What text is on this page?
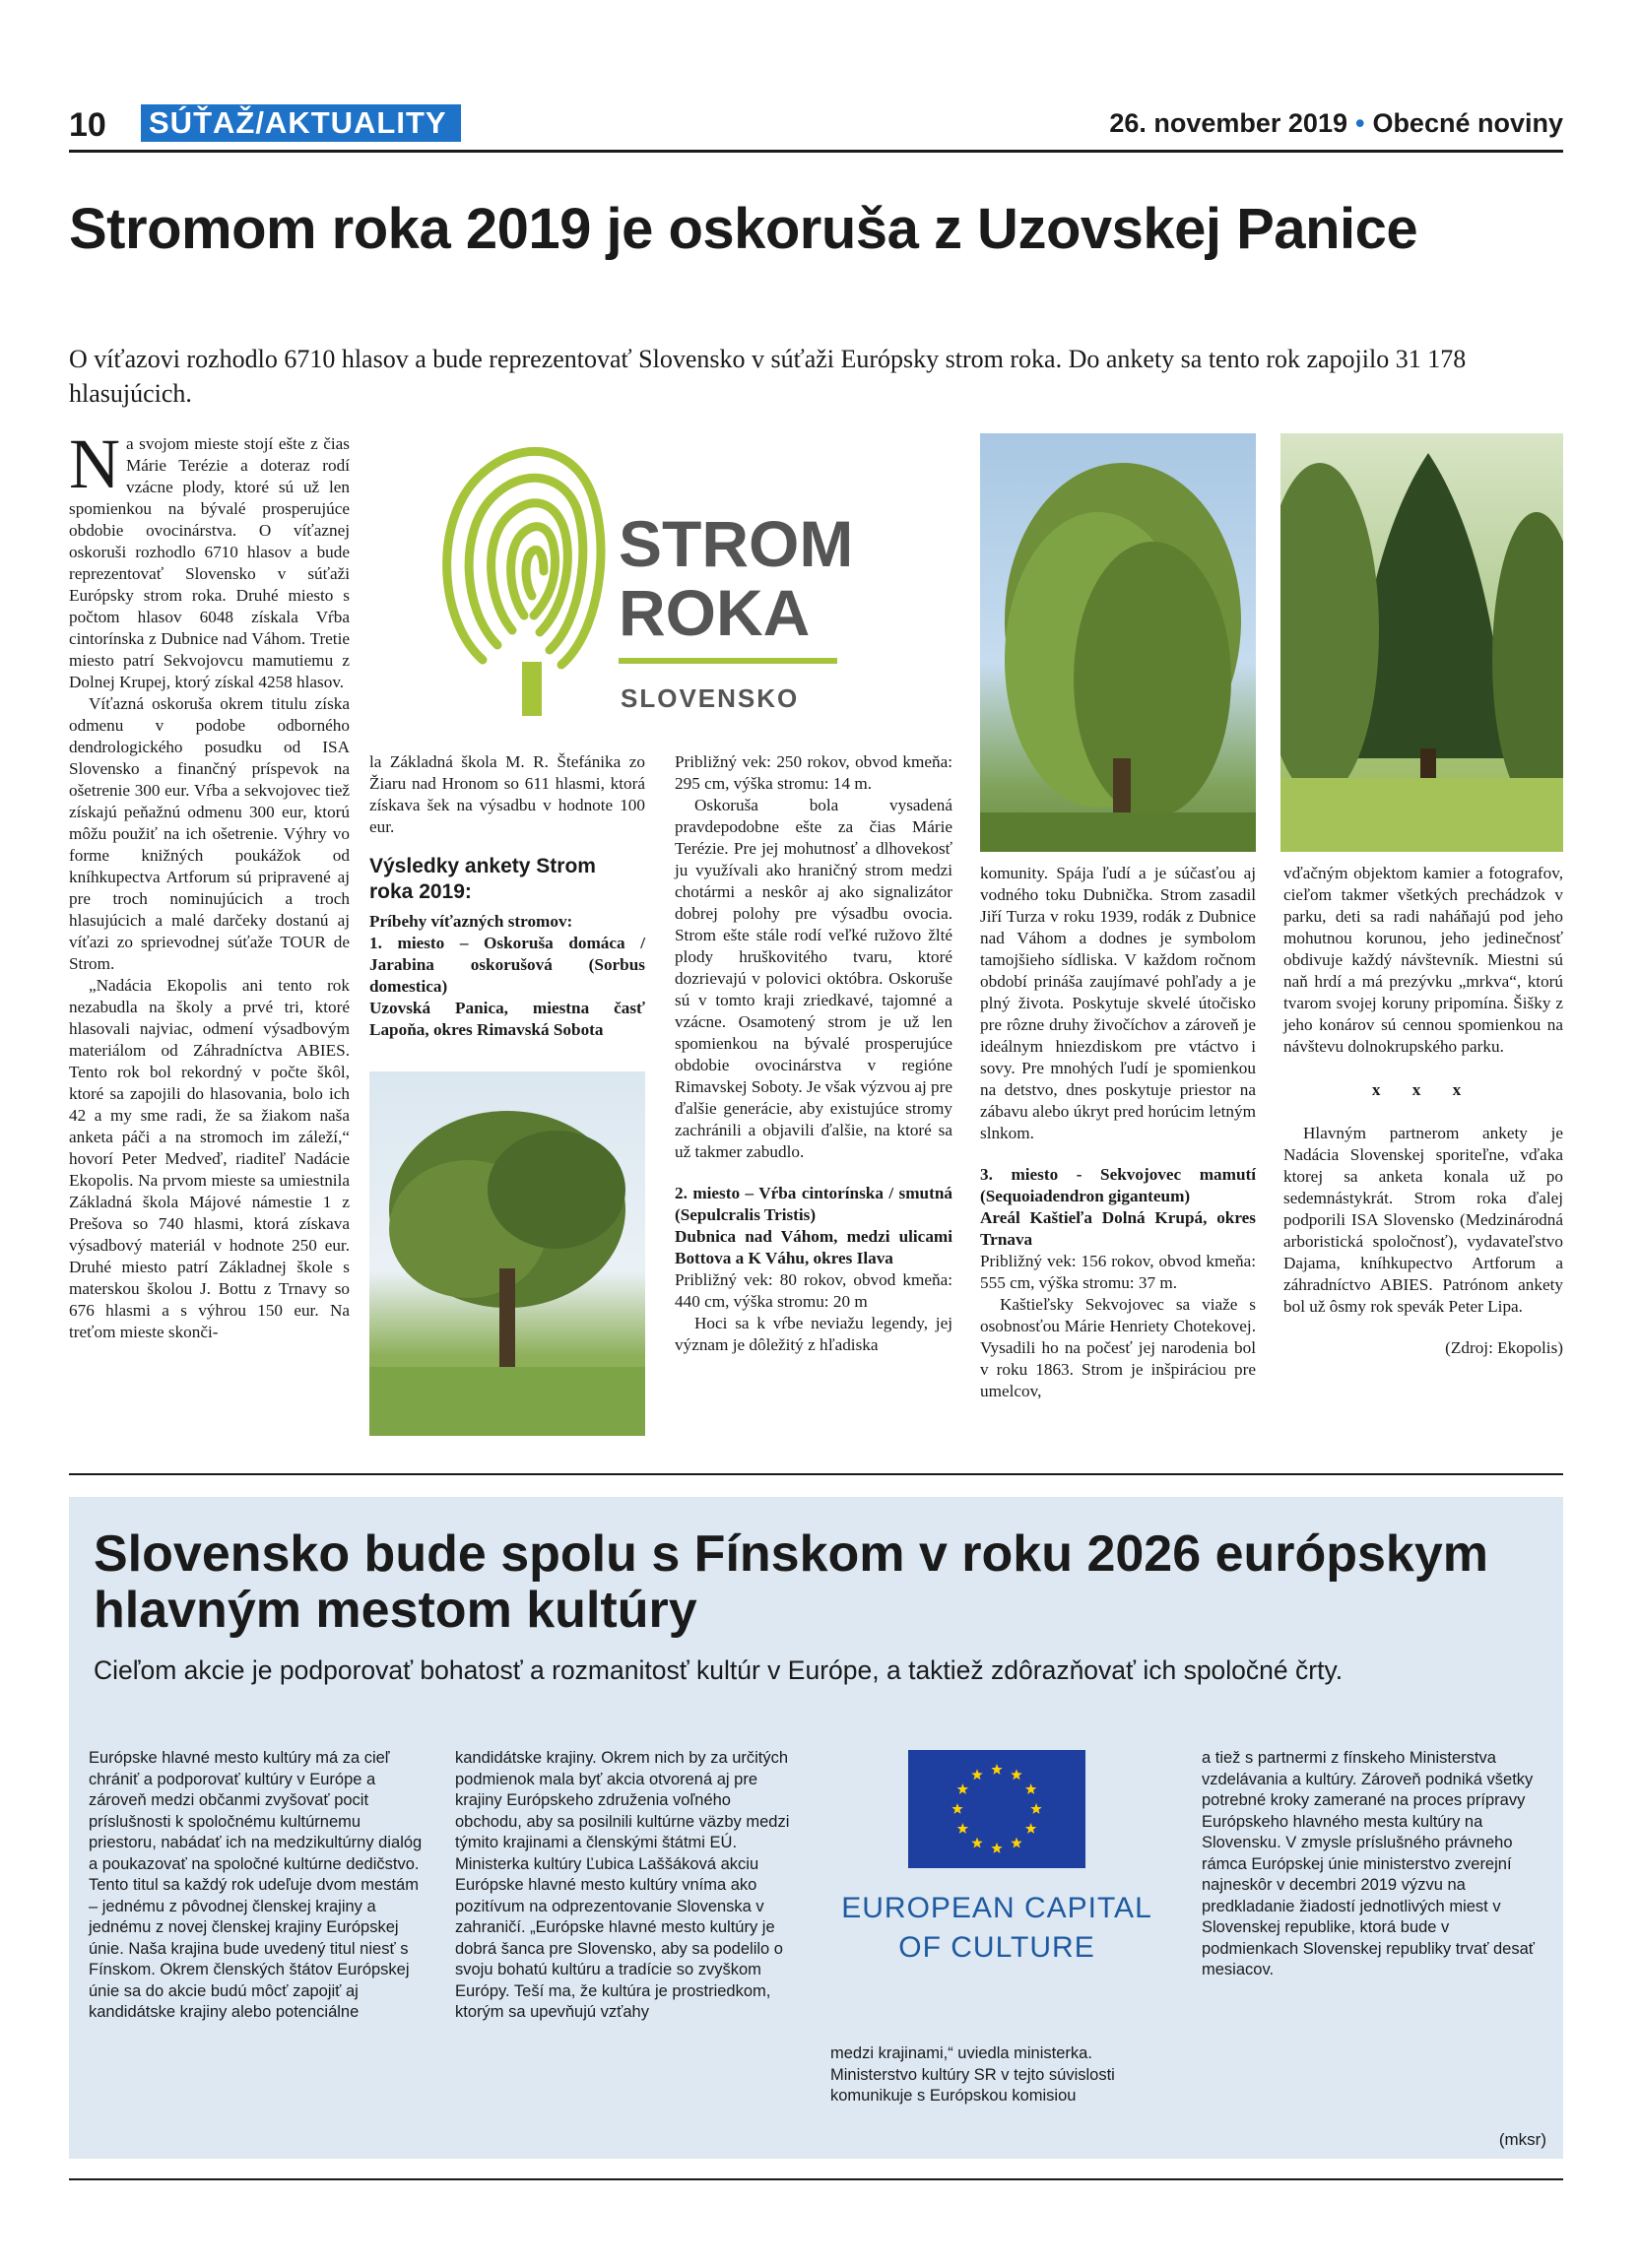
10 SÚŤAŽ/AKTUALITY	26. november 2019 • Obecné noviny
Stromom roka 2019 je oskoruša z Uzovskej Panice

O víťazovi rozhodlo 6710 hlasov a bude reprezentovať Slovensko v súťaži Európsky strom roka. Do ankety sa tento rok zapojilo 31 178 hlasujúcich.

Na svojom mieste stojí ešte z čias Márie Terézie a doteraz rodí vzácne plody, ktoré sú už len spomienkou na bývalé prosperujúce obdobie ovocinárstva. O víťaznej oskoruši rozhodlo 6710 hlasov a bude reprezentovať Slovensko v súťaži Európsky strom roka. Druhé miesto s počtom hlasov 6048 získala Vŕba cintorínska z Dubnice nad Váhom. Tretie miesto patrí Sekvojovcu mamutiemu z Dolnej Krupej, ktorý získal 4258 hlasov.

Víťazná oskoruša okrem titulu získa odmenu v podobe odborného dendrologického posudku od ISA Slovensko a finančný príspevok na ošetrenie 300 eur. Vŕba a sekvojovec tiež získajú peňažnú odmenu 300 eur, ktorú môžu použiť na ich ošetrenie. Výhry vo forme knižných poukážok od kníhkupectva Artforum sú pripravené aj pre troch nominujúcich a troch hlasujúcich a malé darčeky dostanú aj víťazi zo sprievodnej súťaže TOUR de Strom.

„Nadácia Ekopolis ani tento rok nezabudla na školy a prvé tri, ktoré hlasovali najviac, odmení výsadbovým materiálom od Záhradníctva ABIES. Tento rok bol rekordný v počte škôl, ktoré sa zapojili do hlasovania, bolo ich 42 a my sme radi, že sa žiakom naša anketa páči a na stromoch im záleží,“ hovorí Peter Medveď, riaditeľ Nadácie Ekopolis. Na prvom mieste sa umiestnila Základná škola Májové námestie 1 z Prešova so 740 hlasmi, ktorá získava výsadbový materiál v hodnote 250 eur. Druhé miesto patrí Základnej škole s materskou školou J. Bottu z Trnavy so 676 hlasmi a s výhrou 150 eur. Na treťom mieste skonči-

STROM
ROKA
SLOVENSKO

la Základná škola M. R. Štefánika zo Žiaru nad Hronom so 611 hlasmi, ktorá získava šek na výsadbu v hodnote 100 eur.

Výsledky ankety Strom roka 2019:

Príbehy víťazných stromov:

1. miesto – Oskoruša domáca / Jarabina oskorušová (Sorbus domestica)

Uzovská Panica, miestna časť Lapoňa, okres Rimavská Sobota

Približný vek: 250 rokov, obvod kmeňa: 295 cm, výška stromu: 14 m.

Oskoruša bola vysadená pravdepodobne ešte za čias Márie Terézie. Pre jej mohutnosť a dlhovekosť ju využívali ako hraničný strom medzi chotármi a neskôr aj ako signalizátor dobrej polohy pre výsadbu ovocia. Strom ešte stále rodí veľké ružovo žlté plody hruškovitého tvaru, ktoré dozrievajú v polovici októbra. Oskoruše sú v tomto kraji zriedkavé, tajomné a vzácne. Osamotený strom je už len spomienkou na bývalé prosperujúce obdobie ovocinárstva v regióne Rimavskej Soboty. Je však výzvou aj pre ďalšie generácie, aby existujúce stromy zachránili a objavili ďalšie, na ktoré sa už takmer zabudlo.

2. miesto – Vŕba cintorínska / smutná (Sepulcralis Tristis)

Dubnica nad Váhom, medzi ulicami Bottova a K Váhu, okres Ilava

Približný vek: 80 rokov, obvod kmeňa: 440 cm, výška stromu: 20 m

Hoci sa k vŕbe neviažu legendy, jej význam je dôležitý z hľadiska

komunity. Spája ľudí a je súčasťou aj vodného toku Dubnička. Strom zasadil Jiří Turza v roku 1939, rodák z Dubnice nad Váhom a dodnes je symbolom tamojšieho sídliska. V každom ročnom období prináša zaujímavé pohľady a je plný života. Poskytuje skvelé útočisko pre rôzne druhy živočíchov a zároveň je ideálnym hniezdiskom pre vtáctvo i sovy. Pre mnohých ľudí je spomienkou na detstvo, dnes poskytuje priestor na zábavu alebo úkryt pred horúcim letným slnkom.

3. miesto - Sekvojovec mamutí (Sequoiadendron giganteum)

Areál Kaštieľa Dolná Krupá, okres Trnava

Približný vek: 156 rokov, obvod kmeňa: 555 cm, výška stromu: 37 m.

Kaštieľsky Sekvojovec sa viaže s osobnosťou Márie Henriety Chotekovej. Vysadili ho na počesť jej narodenia bol v roku 1863. Strom je inšpiráciou pre umelcov,

vďačným objektom kamier a fotografov, cieľom takmer všetkých prechádzok v parku, deti sa radi naháňajú pod jeho mohutnou korunou, jeho jedinečnosť obdivuje každý návštevník. Miestni sú naň hrdí a má prezývku „mrkva“, ktorú tvarom svojej koruny pripomína. Šišky z jeho konárov sú cennou spomienkou na návštevu dolnokrupského parku.

x x x

Hlavným partnerom ankety je Nadácia Slovenskej sporiteľne, vďaka ktorej sa anketa konala už po sedemnástykrát. Strom roka ďalej podporili ISA Slovensko (Medzinárodná arboristická spoločnosť), vydavateľstvo Dajama, kníhkupectvo Artforum a záhradníctvo ABIES. Patrónom ankety bol už ôsmy rok spevák Peter Lipa.

(Zdroj: Ekopolis)

Slovensko bude spolu s Fínskom v roku 2026 európskym hlavným mestom kultúry

Cieľom akcie je podporovať bohatosť a rozmanitosť kultúr v Európe, a taktiež zdôrazňovať ich spoločné črty.

Európske hlavné mesto kultúry má za cieľ chrániť a podporovať kultúry v Európe a zároveň medzi občanmi zvyšovať pocit príslušnosti k spoločnému kultúrnemu priestoru, nabádať ich na medzikultúrny dialóg a poukazovať na spoločné kultúrne dedičstvo.

Tento titul sa každý rok udeľuje dvom mestám – jednému z pôvodnej členskej krajiny a jednému z novej členskej krajiny Európskej únie. Našа krajina bude uvedený titul niesť s Fínskom. Okrem členských štátov Európskej únie sa do akcie budú môcť zapojiť aj kandidátske krajiny alebo potenciálne

kandidátske krajiny. Okrem nich by za určitých podmienok mala byť akcia otvorená aj pre krajiny Európskeho združenia voľného obchodu, aby sa posilnili kultúrne väzby medzi týmito krajinami a členskými štátmi EÚ.

Ministerka kultúry Ľubica Laššáková akciu Európske hlavné mesto kultúry vníma ako pozitívum na odprezentovanie Slovenska v zahraničí. „Európske hlavné mesto kultúry je dobrá šanca pre Slovensko, aby sa podelilo o svoju bohatú kultúru a tradície so zvyškom Európy. Teší ma, že kultúra je prostriedkom, ktorým sa upevňujú vzťahy

EUROPEAN CAPITAL
OF CULTURE

medzi krajinami,“ uviedla ministerka. Ministerstvo kultúry SR v tejto súvislosti komunikuje s Európskou komisiou

a tiež s partnermi z fínskeho Ministerstva vzdelávania a kultúry. Zároveň podniká všetky potrebné kroky zamerané na proces prípravy Európskeho hlavného mesta kultúry na Slovensku. V zmysle príslušného právneho rámca Európskej únie ministerstvo zverejní najneskôr v decembri 2019 výzvu na predkladanie žiadostí jednotlivých miest v Slovenskej republike, ktorá bude v podmienkach Slovenskej republiky trvať desať mesiacov.

(mksr)
